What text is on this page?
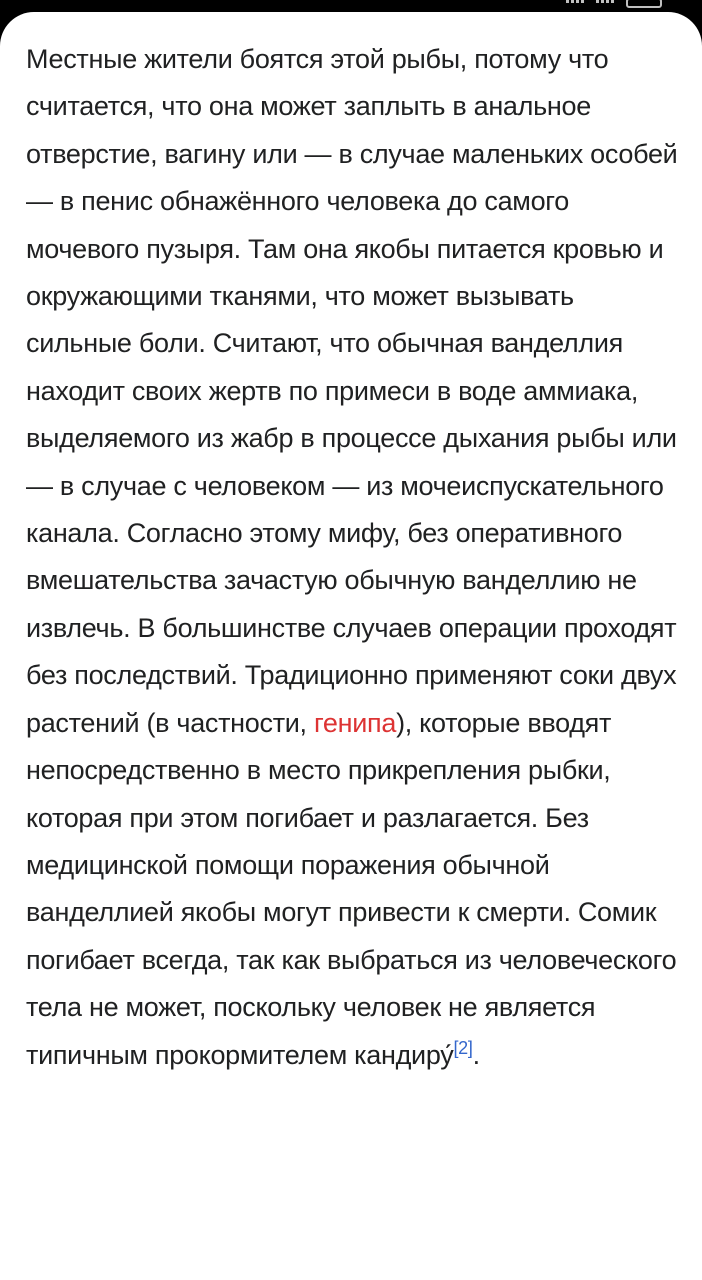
Местные жители боятся этой рыбы, потому что считается, что она может заплыть в анальное отверстие, вагину или — в случае маленьких особей — в пенис обнажённого человека до самого мочевого пузыря. Там она якобы питается кровью и окружающими тканями, что может вызывать сильные боли. Считают, что обычная ванделлия находит своих жертв по примеси в воде аммиака, выделяемого из жабр в процессе дыхания рыбы или — в случае с человеком — из мочеиспускательного канала. Согласно этому мифу, без оперативного вмешательства зачастую обычную ванделлию не извлечь. В большинстве случаев операции проходят без последствий. Традиционно применяют соки двух растений (в частности, генипа), которые вводят непосредственно в место прикрепления рыбки, которая при этом погибает и разлагается. Без медицинской помощи поражения обычной ванделлией якобы могут привести к смерти. Сомик погибает всегда, так как выбраться из человеческого тела не может, поскольку человек не является типичным прокормителем кандиру́[2].
